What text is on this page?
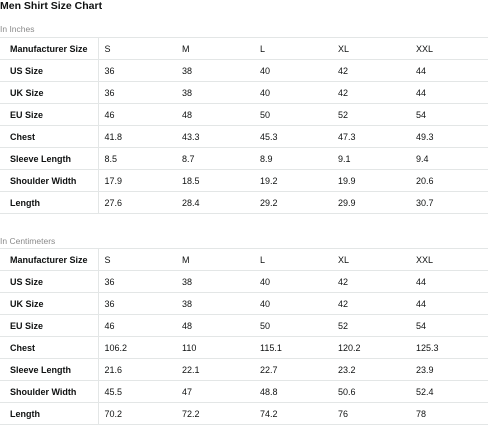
Men Shirt Size Chart
In Inches
Manufacturer Size	S	M	L	XL	XXL
US Size	36	38	40	42	44
UK Size	36	38	40	42	44
EU Size	46	48	50	52	54
Chest	41.8	43.3	45.3	47.3	49.3
Sleeve Length	8.5	8.7	8.9	9.1	9.4
Shoulder Width	17.9	18.5	19.2	19.9	20.6
Length	27.6	28.4	29.2	29.9	30.7
In Centimeters
Manufacturer Size	S	M	L	XL	XXL
US Size	36	38	40	42	44
UK Size	36	38	40	42	44
EU Size	46	48	50	52	54
Chest	106.2	110	115.1	120.2	125.3
Sleeve Length	21.6	22.1	22.7	23.2	23.9
Shoulder Width	45.5	47	48.8	50.6	52.4
Length	70.2	72.2	74.2	76	78
